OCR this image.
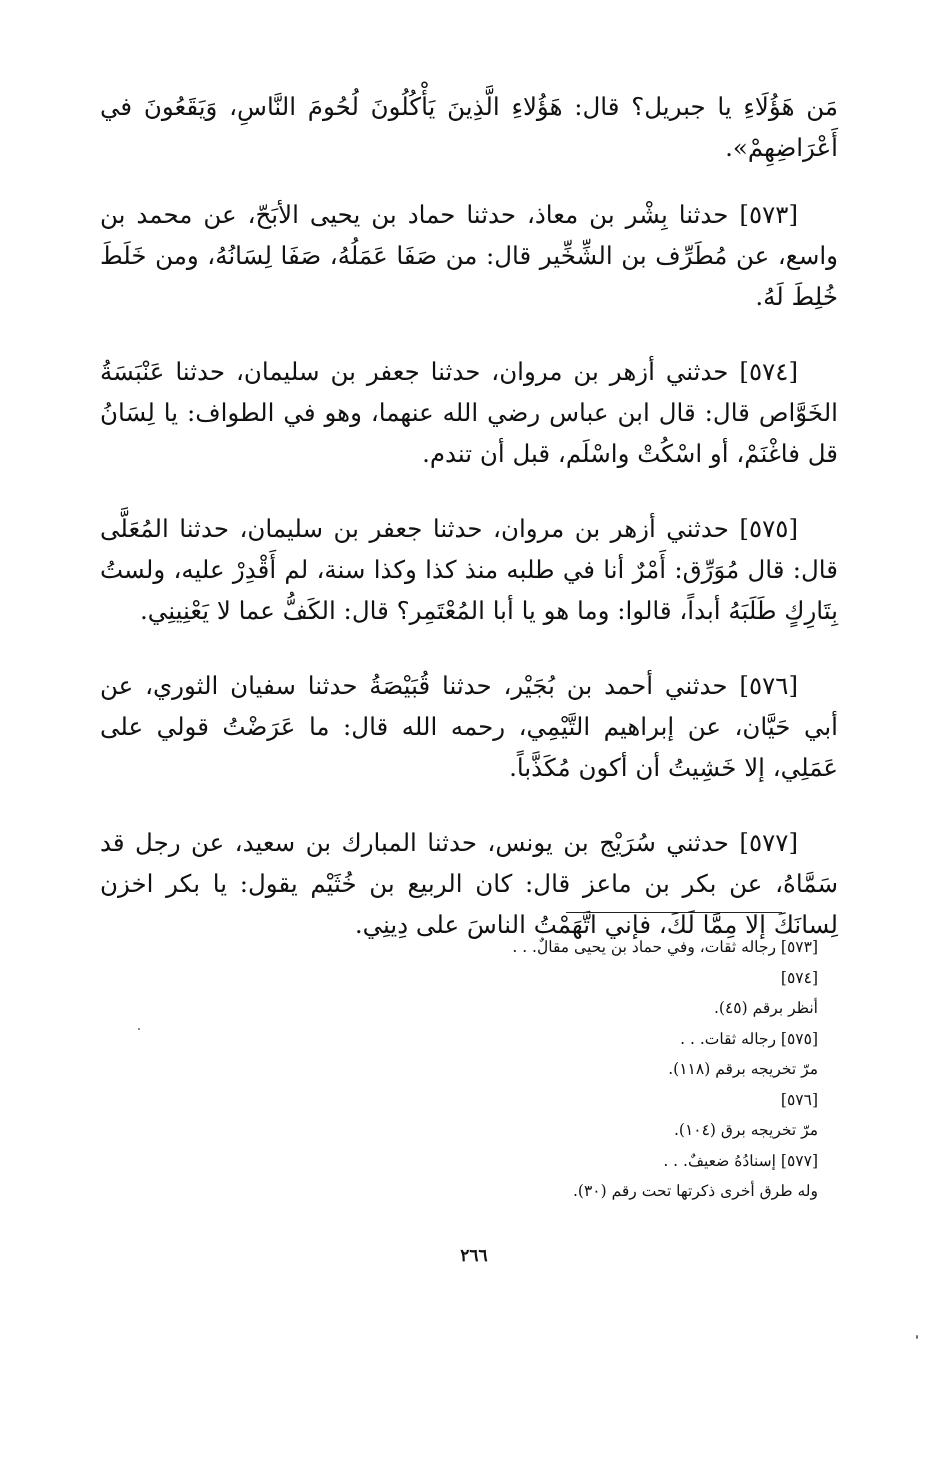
مَن هَؤُلَاءِ يا جبريل؟ قال: هَؤُلاءِ الَّذِينَ يَأْكُلُونَ لُحُومَ النَّاسِ، وَيَقَعُونَ في أَعْرَاضِهِمْ».

[٥٧٣] حدثنا بِشْر بن معاذ، حدثنا حماد بن يحيى الأبَحّ، عن محمد بن واسع، عن مُطَرِّف بن الشِّخِّير قال: من صَفَا عَمَلُهُ، صَفَا لِسَانُهُ، ومن خَلَطَ خُلِطَ لَهُ.

[٥٧٤] حدثني أزهر بن مروان، حدثنا جعفر بن سليمان، حدثنا عَنْبَسَةُ الخَوَّاص قال: قال ابن عباس رضي الله عنهما، وهو في الطواف: يا لِسَانُ قل فاغْنَمْ، أو اسْكُتْ واسْلَم، قبل أن تندم.

[٥٧٥] حدثني أزهر بن مروان، حدثنا جعفر بن سليمان، حدثنا المُعَلَّى قال: قال مُوَرِّق: أَمْرٌ أنا في طلبه منذ كذا وكذا سنة، لم أَقْدِرْ عليه، ولستُ بِتَارِكٍ طَلَبَهُ أبداً، قالوا: وما هو يا أبا المُعْتَمِر؟ قال: الكَفُّ عما لا يَعْنِينِي.

[٥٧٦] حدثني أحمد بن بُجَيْر، حدثنا قُبَيْصَةُ حدثنا سفيان الثوري، عن أبي حَيَّان، عن إبراهيم التَّيْمِي، رحمه الله قال: ما عَرَضْتُ قولي على عَمَلِي، إلا خَشِيتُ أن أكون مُكَذَّباً.

[٥٧٧] حدثني سُرَيْج بن يونس، حدثنا المبارك بن سعيد، عن رجل قد سَمَّاهُ، عن بكر بن ماعز قال: كان الربيع بن خُثَيْم يقول: يا بكر اخزن لِسانَكَ إلا مِمَّا لَكَ، فإني اتَّهَمْتُ الناسَ على دِينِي.

[٥٧٣] رجاله ثقات، وفي حماد بن يحيى مقالٌ. . .
[٥٧٤]
أنظر برقم (٤٥).
[٥٧٥] رجاله ثقات. . .
مرّ تخريجه برقم (١١٨).
[٥٧٦]
مرّ تخريجه برق (١٠٤).
[٥٧٧] إسنادُهُ ضعيفٌ. . .
وله طرق أخرى ذكرتها تحت رقم (٣٠).
٢٦٦
